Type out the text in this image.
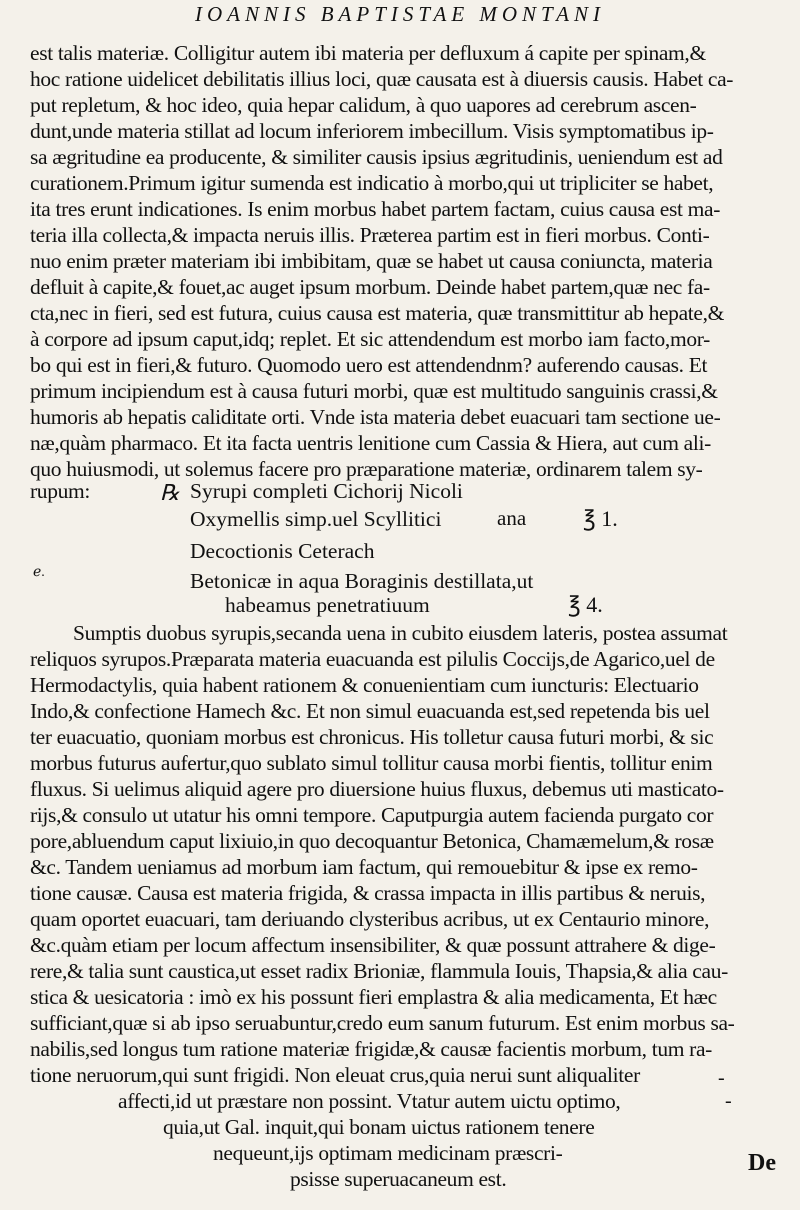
IOANNIS BAPTISTAE MONTANI
est talis materiæ. Colligitur autem ibi materia per defluxum á capite per spinam,&
hoc ratione uidelicet debilitatis illius loci, quæ causata est à diuersis causis. Habet ca-
put repletum, & hoc ideo, quia hepar calidum, à quo uapores ad cerebrum ascen-
dunt,unde materia stillat ad locum inferiorem imbecillum. Visis symptomatibus ip-
sa ægritudine ea producente, & similiter causis ipsius ægritudinis, ueniendum est ad
curationem.Primum igitur sumenda est indicatio à morbo,qui ut tripliciter se habet,
ita tres erunt indicationes. Is enim morbus habet partem factam, cuius causa est ma-
teria illa collecta,& impacta neruis illis. Præterea partim est in fieri morbus. Conti-
nuo enim præter materiam ibi imbibitam, quæ se habet ut causa coniuncta, materia
defluit à capite,& fouet,ac auget ipsum morbum. Deinde habet partem,quæ nec fa-
cta,nec in fieri, sed est futura, cuius causa est materia, quæ transmittitur ab hepate,&
à corpore ad ipsum caput,idq; replet. Et sic attendendum est morbo iam facto,mor-
bo qui est in fieri,& futuro. Quomodo uero est attendendnm? auferendo causas. Et
primum incipiendum est à causa futuri morbi, quæ est multitudo sanguinis crassi,&
humoris ab hepatis caliditate orti. Vnde ista materia debet euacuari tam sectione ue-
næ,quàm pharmaco. Et ita facta uentris lenitione cum Cassia & Hiera, aut cum ali-
quo huiusmodi, ut solemus facere pro præparatione materiæ, ordinarem talem sy-
rupum:	℞ Syrupi completi Cichorij Nicoli
Oxymellis simp.uel Scyllitici	ana	℥ 1.
Decoctionis Ceterach
Betonicæ in aqua Boraginis destillata,ut
habeamus penetratiuum	℥ 4.
Sumptis duobus syrupis,secanda uena in cubito eiusdem lateris, postea assumat
reliquos syrupos.Præparata materia euacuanda est pilulis Coccijs,de Agarico,uel de
Hermodactylis, quia habent rationem & conuenientiam cum iuncturis: Electuario
Indo,& confectione Hamech &c. Et non simul euacuanda est,sed repetenda bis uel
ter euacuatio, quoniam morbus est chronicus. His tolletur causa futuri morbi, & sic
morbus futurus aufertur,quo sublato simul tollitur causa morbi fientis, tollitur enim
fluxus. Si uelimus aliquid agere pro diuersione huius fluxus, debemus uti masticato-
rijs,& consulo ut utatur his omni tempore. Caputpurgia autem facienda purgato cor
pore,abluendum caput lixiuio,in quo decoquantur Betonica, Chamæmelum,& rosæ
&c. Tandem ueniamus ad morbum iam factum, qui remouebitur & ipse ex remo-
tione causæ. Causa est materia frigida, & crassa impacta in illis partibus & neruis,
quam oportet euacuari, tam deriuando clysteribus acribus, ut ex Centaurio minore,
&c.quàm etiam per locum affectum insensibiliter, & quæ possunt attrahere & dige-
rere,& talia sunt caustica,ut esset radix Brioniæ, flammula Iouis, Thapsia,& alia cau-
stica & uesicatoria : imò ex his possunt fieri emplastra & alia medicamenta, Et hæc
sufficiant,quæ si ab ipso seruabuntur,credo eum sanum futurum. Est enim morbus sa-
nabilis,sed longus tum ratione materiæ frigidæ,& causæ facientis morbum, tum ra-
tione neruorum,qui sunt frigidi. Non eleuat crus,quia nerui sunt aliqualiter
affecti,id ut præstare non possint. Vtatur autem uictu optimo,
quia,ut Gal. inquit,qui bonam uictus rationem tenere
nequeunt,ijs optimam medicinam præscri-
psisse superuacaneum est.
ℯ.
-
-
De
